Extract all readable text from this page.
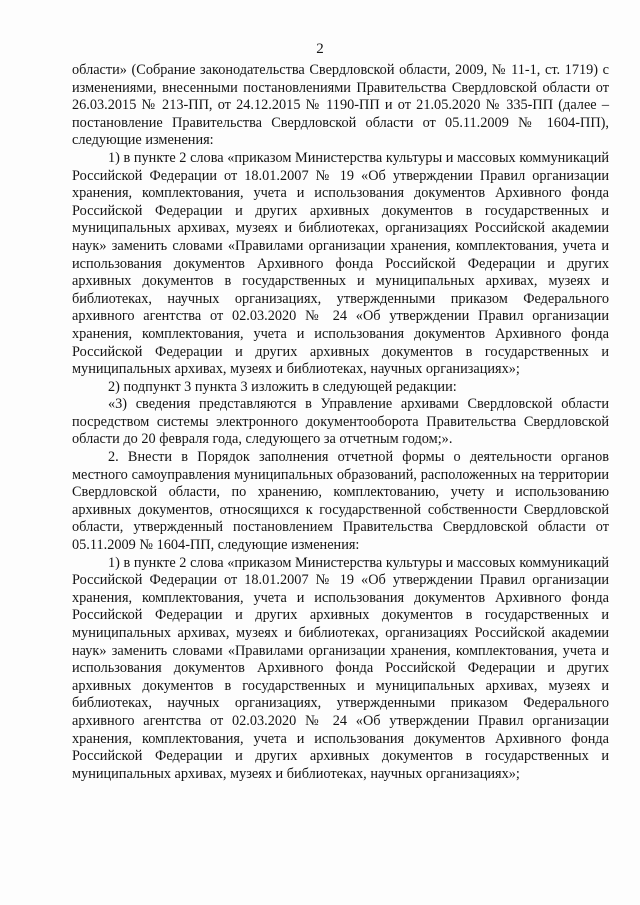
2

области» (Собрание законодательства Свердловской области, 2009, № 11-1, ст. 1719) с изменениями, внесенными постановлениями Правительства Свердловской области от 26.03.2015 № 213-ПП, от 24.12.2015 № 1190-ПП и от 21.05.2020 № 335-ПП (далее – постановление Правительства Свердловской области от 05.11.2009 № 1604-ПП), следующие изменения:

1) в пункте 2 слова «приказом Министерства культуры и массовых коммуникаций Российской Федерации от 18.01.2007 № 19 «Об утверждении Правил организации хранения, комплектования, учета и использования документов Архивного фонда Российской Федерации и других архивных документов в государственных и муниципальных архивах, музеях и библиотеках, организациях Российской академии наук» заменить словами «Правилами организации хранения, комплектования, учета и использования документов Архивного фонда Российской Федерации и других архивных документов в государственных и муниципальных архивах, музеях и библиотеках, научных организациях, утвержденными приказом Федерального архивного агентства от 02.03.2020 № 24 «Об утверждении Правил организации хранения, комплектования, учета и использования документов Архивного фонда Российской Федерации и других архивных документов в государственных и муниципальных архивах, музеях и библиотеках, научных организациях»;

2) подпункт 3 пункта 3 изложить в следующей редакции:

«3) сведения представляются в Управление архивами Свердловской области посредством системы электронного документооборота Правительства Свердловской области до 20 февраля года, следующего за отчетным годом;».

2. Внести в Порядок заполнения отчетной формы о деятельности органов местного самоуправления муниципальных образований, расположенных на территории Свердловской области, по хранению, комплектованию, учету и использованию архивных документов, относящихся к государственной собственности Свердловской области, утвержденный постановлением Правительства Свердловской области от 05.11.2009 № 1604-ПП, следующие изменения:

1) в пункте 2 слова «приказом Министерства культуры и массовых коммуникаций Российской Федерации от 18.01.2007 № 19 «Об утверждении Правил организации хранения, комплектования, учета и использования документов Архивного фонда Российской Федерации и других архивных документов в государственных и муниципальных архивах, музеях и библиотеках, организациях Российской академии наук» заменить словами «Правилами организации хранения, комплектования, учета и использования документов Архивного фонда Российской Федерации и других архивных документов в государственных и муниципальных архивах, музеях и библиотеках, научных организациях, утвержденными приказом Федерального архивного агентства от 02.03.2020 № 24 «Об утверждении Правил организации хранения, комплектования, учета и использования документов Архивного фонда Российской Федерации и других архивных документов в государственных и муниципальных архивах, музеях и библиотеках, научных организациях»;
